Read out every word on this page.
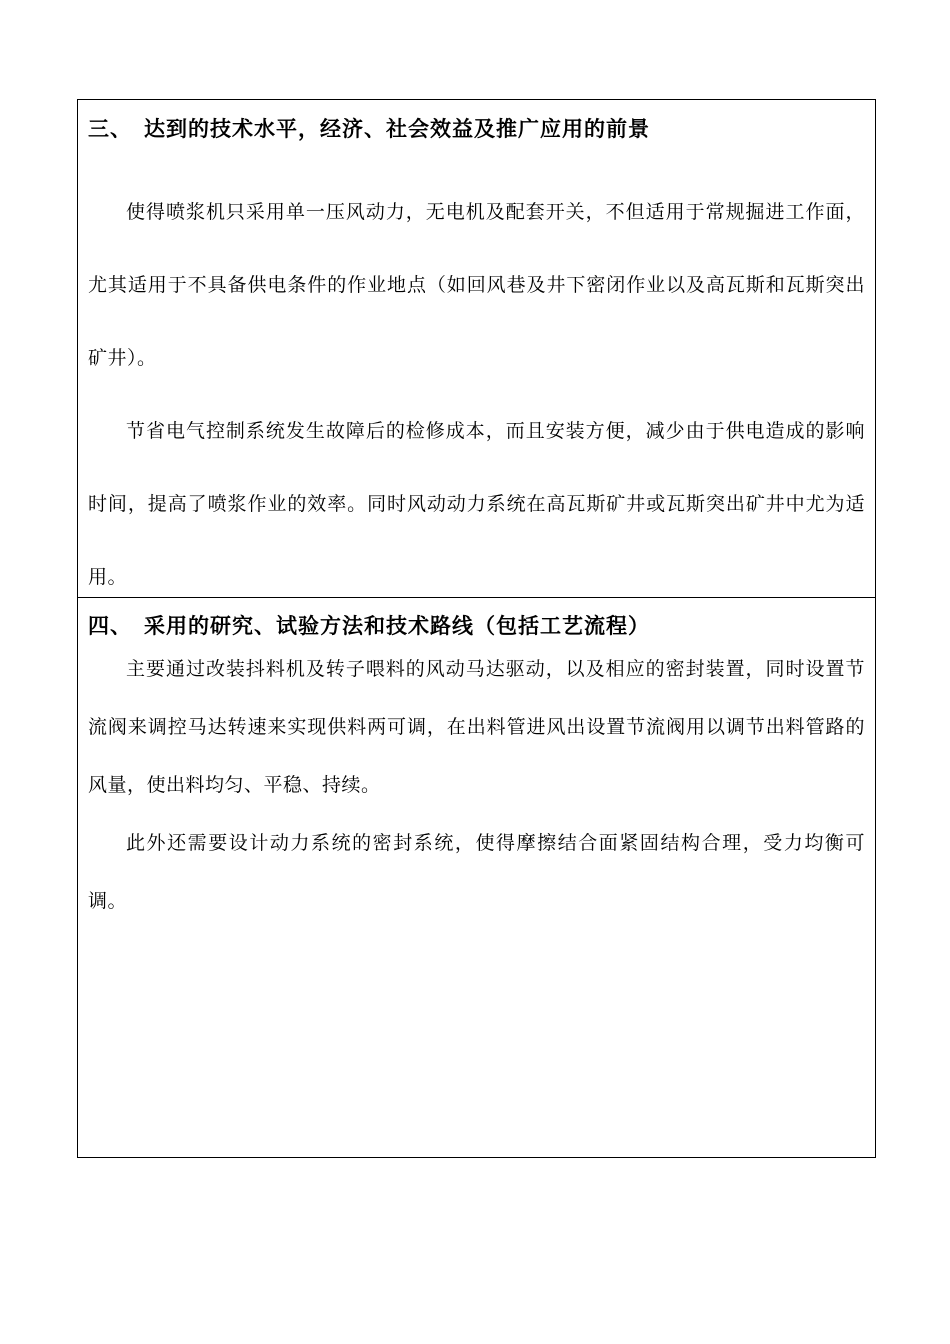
三、 达到的技术水平，经济、社会效益及推广应用的前景

使得喷浆机只采用单一压风动力，无电机及配套开关，不但适用于常规掘进工作面，尤其适用于不具备供电条件的作业地点（如回风巷及井下密闭作业以及高瓦斯和瓦斯突出矿井）。

节省电气控制系统发生故障后的检修成本，而且安装方便，减少由于供电造成的影响时间，提高了喷浆作业的效率。同时风动动力系统在高瓦斯矿井或瓦斯突出矿井中尤为适用。

四、 采用的研究、试验方法和技术路线（包括工艺流程）

主要通过改装抖料机及转子喂料的风动马达驱动，以及相应的密封装置，同时设置节流阀来调控马达转速来实现供料两可调，在出料管进风出设置节流阀用以调节出料管路的风量，使出料均匀、平稳、持续。

此外还需要设计动力系统的密封系统，使得摩擦结合面紧固结构合理，受力均衡可调。
